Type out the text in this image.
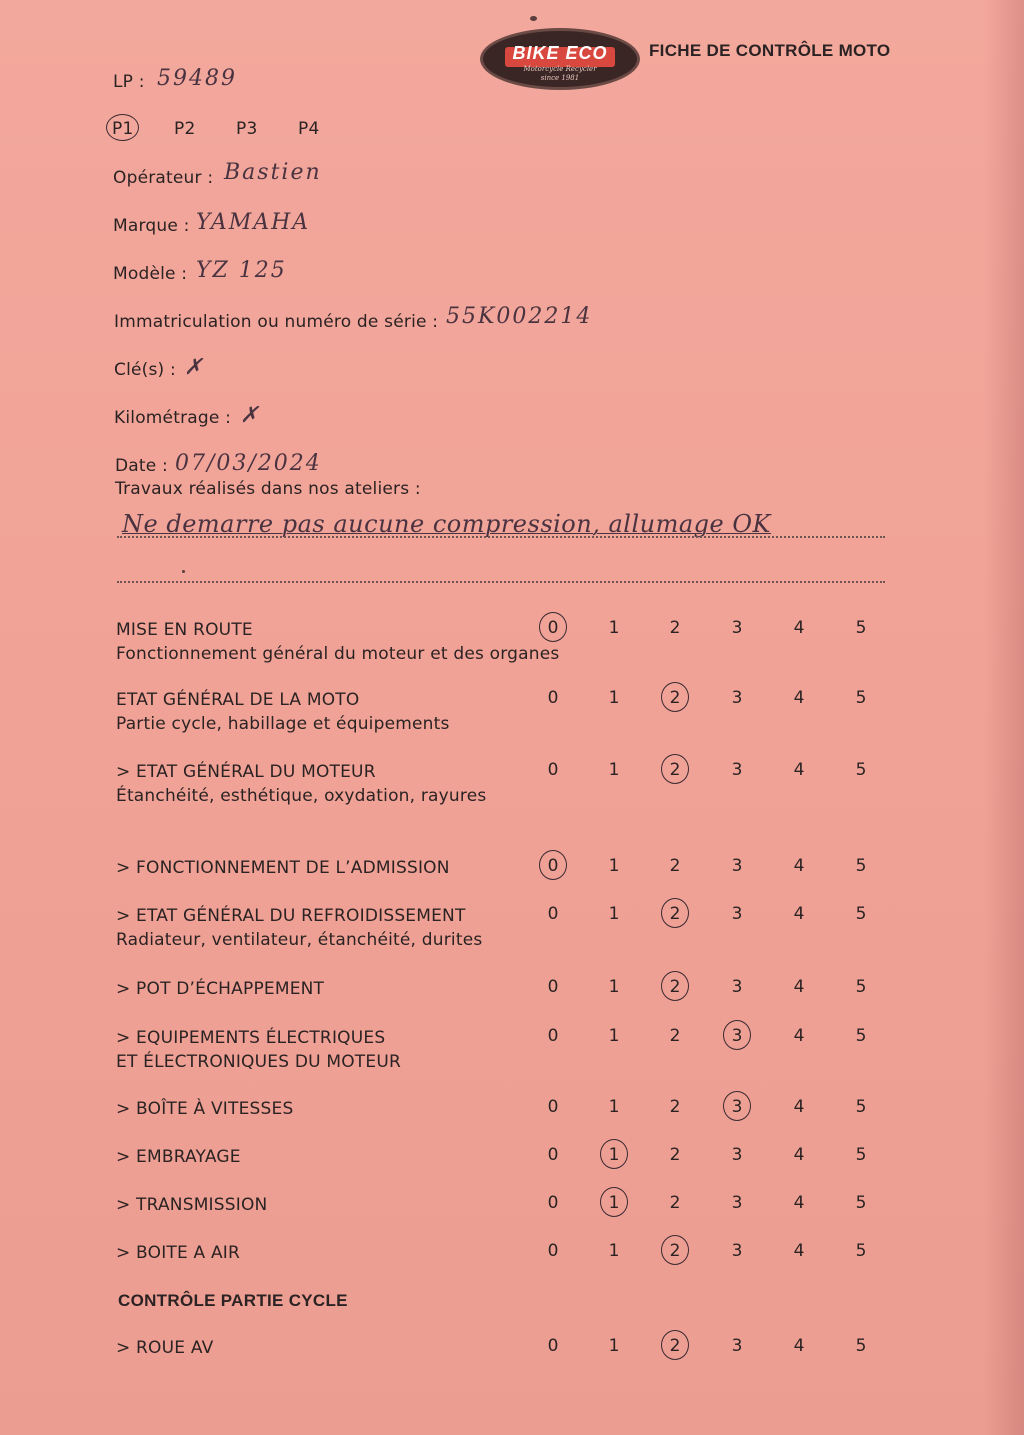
BIKE ECO
Motorcycle Recycler
since 1981
FICHE DE CONTRÔLE MOTO
LP : 59489
P1 P2 P3 P4
Opérateur : Bastien
Marque : YAMAHA
Modèle : YZ 125
Immatriculation ou numéro de série : 55K002214
Clé(s) : ✗
Kilométrage : ✗
Date : 07/03/2024
Travaux réalisés dans nos ateliers :
Ne demarre pas aucune compression, allumage OK
MISE EN ROUTE
Fonctionnement général du moteur et des organes
0	1	2	3	4	5
ETAT GÉNÉRAL DE LA MOTO
Partie cycle, habillage et équipements
0	1	2	3	4	5
> ETAT GÉNÉRAL DU MOTEUR
Étanchéité, esthétique, oxydation, rayures
0	1	2	3	4	5
> FONCTIONNEMENT DE L’ADMISSION	0	1	2	3	4	5
> ETAT GÉNÉRAL DU REFROIDISSEMENT
Radiateur, ventilateur, étanchéité, durites
0	1	2	3	4	5
> POT D’ÉCHAPPEMENT	0	1	2	3	4	5
> EQUIPEMENTS ÉLECTRIQUES
ET ÉLECTRONIQUES DU MOTEUR
0	1	2	3	4	5
> BOÎTE À VITESSES	0	1	2	3	4	5
> EMBRAYAGE	0	1	2	3	4	5
> TRANSMISSION	0	1	2	3	4	5
> BOITE A AIR	0	1	2	3	4	5
CONTRÔLE PARTIE CYCLE
> ROUE AV	0	1	2	3	4	5
